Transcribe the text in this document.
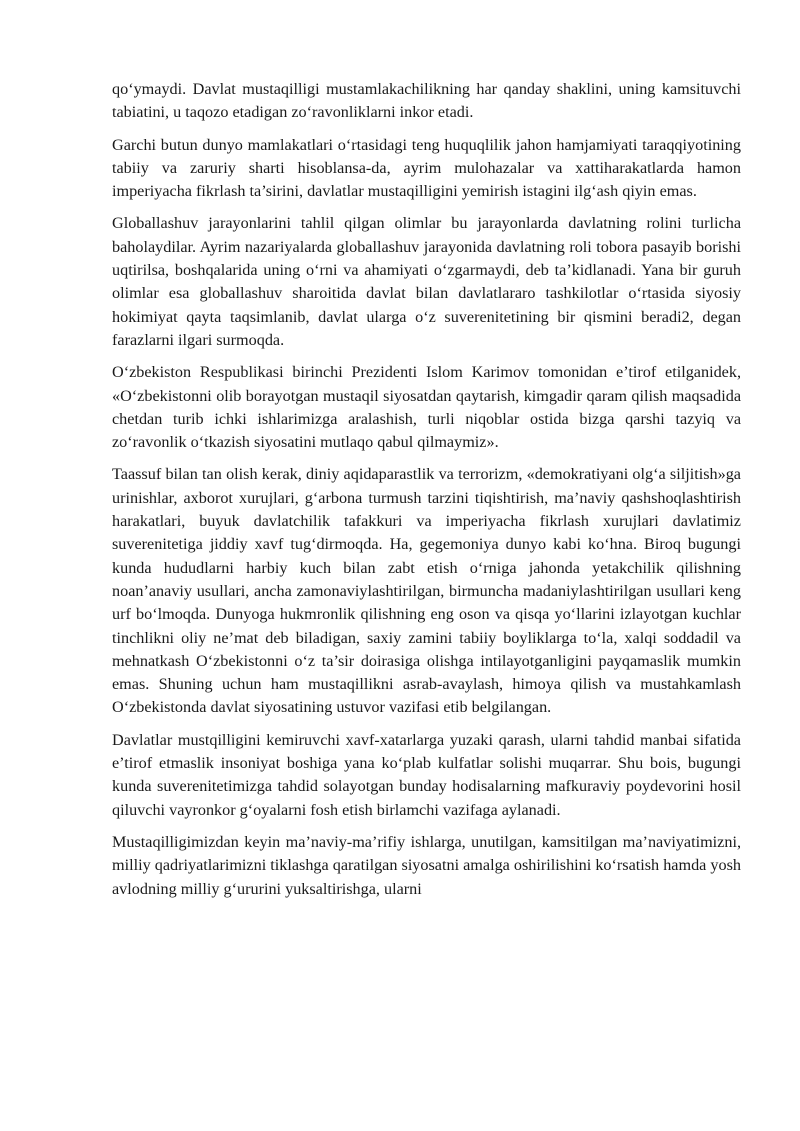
qo‘ymaydi. Davlat mustaqilligi mustamlakachilikning har qanday shaklini, uning kamsituvchi tabiatini, u taqozo etadigan zo‘ravonliklarni inkor etadi.

Garchi butun dunyo mamlakatlari o‘rtasidagi teng huquqlilik jahon hamjamiyati taraqqiyotining tabiiy va zaruriy sharti hisoblansa-da, ayrim mulohazalar va xattiharakatlarda hamon imperiyacha fikrlash ta’sirini, davlatlar mustaqilligini yemirish istagini ilg‘ash qiyin emas.

Globallashuv jarayonlarini tahlil qilgan olimlar bu jarayonlarda davlatning rolini turlicha baholaydilar. Ayrim nazariyalarda globallashuv jarayonida davlatning roli tobora pasayib borishi uqtirilsa, boshqalarida uning o‘rni va ahamiyati o‘zgarmaydi, deb ta’kidlanadi. Yana bir guruh olimlar esa globallashuv sharoitida davlat bilan davlatlararo tashkilotlar o‘rtasida siyosiy hokimiyat qayta taqsimlanib, davlat ularga o‘z suverenitetining bir qismini beradi2, degan farazlarni ilgari surmoqda.

O‘zbekiston Respublikasi birinchi Prezidenti Islom Karimov tomonidan e’tirof etilganidek, «O‘zbekistonni olib borayotgan mustaqil siyosatdan qaytarish, kimgadir qaram qilish maqsadida chetdan turib ichki ishlarimizga aralashish, turli niqoblar ostida bizga qarshi tazyiq va zo‘ravonlik o‘tkazish siyosatini mutlaqo qabul qilmaymiz».

Taassuf bilan tan olish kerak, diniy aqidaparastlik va terrorizm, «demokratiyani olg‘a siljitish»ga urinishlar, axborot xurujlari, g‘arbona turmush tarzini tiqishtirish, ma’naviy qashshoqlashtirish harakatlari, buyuk davlatchilik tafakkuri va imperiyacha fikrlash xurujlari davlatimiz suverenitetiga jiddiy xavf tug‘dirmoqda. Ha, gegemoniya dunyo kabi ko‘hna. Biroq bugungi kunda hududlarni harbiy kuch bilan zabt etish o‘rniga jahonda yetakchilik qilishning noan’anaviy usullari, ancha zamonaviylashtirilgan, birmuncha madaniylashtirilgan usullari keng urf bo‘lmoqda. Dunyoga hukmronlik qilishning eng oson va qisqa yo‘llarini izlayotgan kuchlar tinchlikni oliy ne’mat deb biladigan, saxiy zamini tabiiy boyliklarga to‘la, xalqi soddadil va mehnatkash O‘zbekistonni o‘z ta’sir doirasiga olishga intilayotganligini payqamaslik mumkin emas. Shuning uchun ham mustaqillikni asrab-avaylash, himoya qilish va mustahkamlash O‘zbekistonda davlat siyosatining ustuvor vazifasi etib belgilangan.

Davlatlar mustqilligini kemiruvchi xavf-xatarlarga yuzaki qarash, ularni tahdid manbai sifatida e’tirof etmaslik insoniyat boshiga yana ko‘plab kulfatlar solishi muqarrar. Shu bois, bugungi kunda suverenitetimizga tahdid solayotgan bunday hodisalarning mafkuraviy poydevorini hosil qiluvchi vayronkor g‘oyalarni fosh etish birlamchi vazifaga aylanadi.

Mustaqilligimizdan keyin ma’naviy-ma’rifiy ishlarga, unutilgan, kamsitilgan ma’naviyatimizni, milliy qadriyatlarimizni tiklashga qaratilgan siyosatni amalga oshirilishini ko‘rsatish hamda yosh avlodning milliy g‘ururini yuksaltirishga, ularni
